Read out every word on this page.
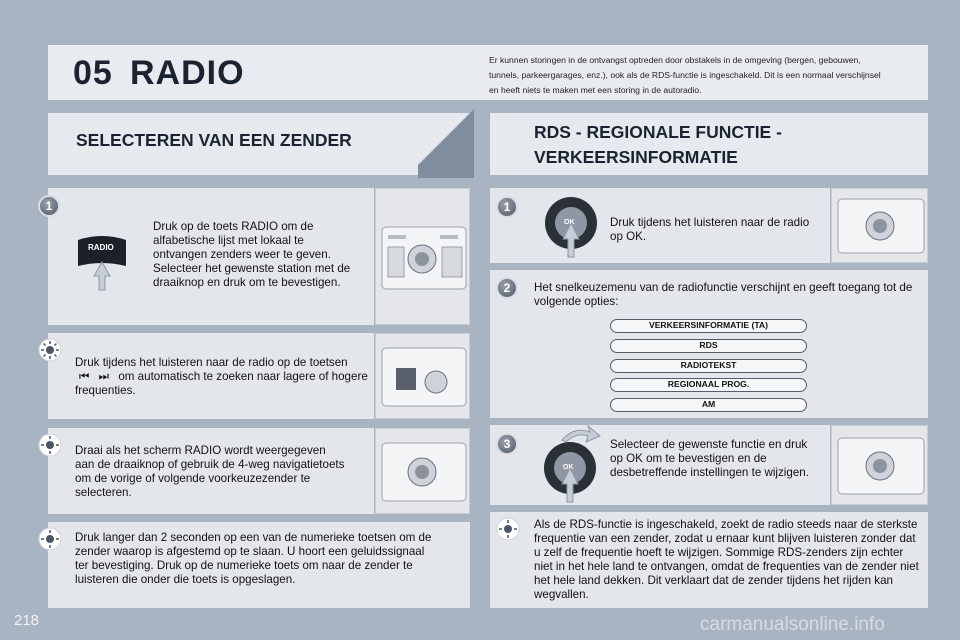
05 RADIO	Er kunnen storingen in de ontvangst optreden door obstakels in de omgeving (bergen, gebouwen, tunnels, parkeergarages, enz.), ook als de RDS-functie is ingeschakeld. Dit is een normaal verschijnsel en heeft niets te maken met een storing in de autoradio.
SELECTEREN VAN EEN ZENDER	RDS - REGIONALE FUNCTIE - VERKEERSINFORMATIE
1
RADIO
Druk op de toets RADIO om de alfabetische lijst met lokaal te ontvangen zenders weer te geven. Selecteer het gewenste station met de draaiknop en druk om te bevestigen.
Druk tijdens het luisteren naar de radio op de toetsen
⏮ ⏭ om automatisch te zoeken naar lagere of hogere frequenties.
Draai als het scherm RADIO wordt weergegeven aan de draaiknop of gebruik de 4-weg navigatietoets om de vorige of volgende voorkeuzezender te selecteren.
Druk langer dan 2 seconden op een van de numerieke toetsen om de zender waarop is afgestemd op te slaan. U hoort een geluidssignaal ter bevestiging. Druk op de numerieke toets om naar de zender te luisteren die onder die toets is opgeslagen.
1
OK	Druk tijdens het luisteren naar de radio op OK.
2	Het snelkeuzemenu van de radiofunctie verschijnt en geeft toegang tot de volgende opties:
VERKEERSINFORMATIE (TA)
RDS
RADIOTEKST
REGIONAAL PROG.
AM
3
OK
Selecteer de gewenste functie en druk op OK om te bevestigen en de desbetreffende instellingen te wijzigen.
Als de RDS-functie is ingeschakeld, zoekt de radio steeds naar de sterkste frequentie van een zender, zodat u ernaar kunt blijven luisteren zonder dat u zelf de frequentie hoeft te wijzigen. Sommige RDS-zenders zijn echter niet in het hele land te ontvangen, omdat de frequenties van de zender niet het hele land dekken. Dit verklaart dat de zender tijdens het rijden kan wegvallen.
218	carmanualsonline.info
